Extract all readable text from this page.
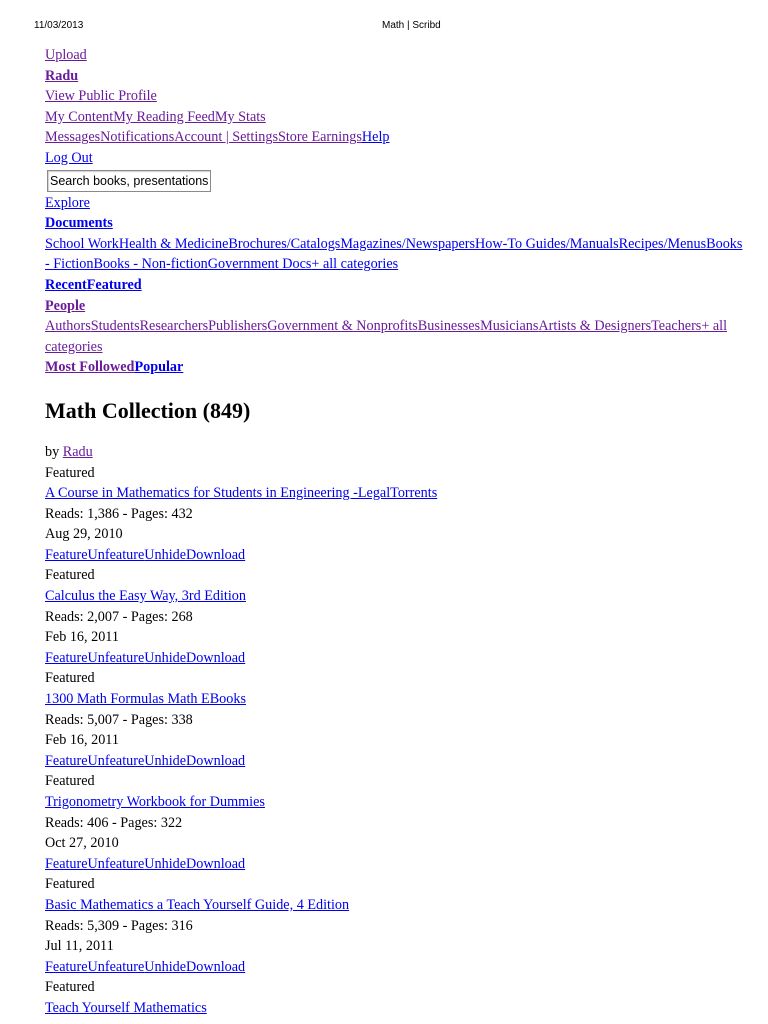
11/03/2013	Math | Scribd
Upload
Radu
View Public Profile
My ContentMy Reading FeedMy Stats
MessagesNotificationsAccount | SettingsStore EarningsHelp
Log Out
Search books, presentations
Explore
Documents
School WorkHealth & MedicineBrochures/CatalogsMagazines/NewspapersHow-To Guides/ManualsRecipes/MenusBooks - FictionBooks - Non-fictionGovernment Docs+ all categories
RecentFeatured
People
AuthorsStudentsResearchersPublishersGovernment & NonprofitsBusinessesMusiciansArtists & DesignersTeachers+ all categories
Most FollowedPopular
Math Collection (849)
by Radu
Featured
A Course in Mathematics for Students in Engineering -LegalTorrents
Reads: 1,386 - Pages: 432
Aug 29, 2010
FeatureUnfeatureUnhideDownload
Featured
Calculus the Easy Way, 3rd Edition
Reads: 2,007 - Pages: 268
Feb 16, 2011
FeatureUnfeatureUnhideDownload
Featured
1300 Math Formulas Math EBooks
Reads: 5,007 - Pages: 338
Feb 16, 2011
FeatureUnfeatureUnhideDownload
Featured
Trigonometry Workbook for Dummies
Reads: 406 - Pages: 322
Oct 27, 2010
FeatureUnfeatureUnhideDownload
Featured
Basic Mathematics a Teach Yourself Guide, 4 Edition
Reads: 5,309 - Pages: 316
Jul 11, 2011
FeatureUnfeatureUnhideDownload
Featured
Teach Yourself Mathematics
